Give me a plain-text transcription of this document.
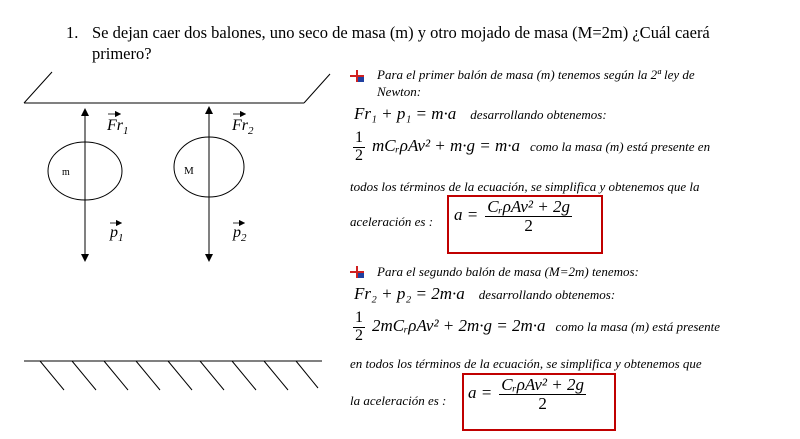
1. Se dejan caer dos balones, uno seco de masa (m) y otro mojado de masa (M=2m) ¿Cuál caerá
primero?
m	M
$Fr_1$	$Fr_2$
$p_1$	$p_2$
Para el primer balón de masa (m) tenemos según la 2ª ley de
Newton:
Fr₁ + p₁ = m·a desarrollando obtenemos:
$\frac{1}{2}$ mCᵣρAv² + m·g = m·a como la masa (m) está presente en
todos los términos de la ecuación, se simplifica y obtenemos que la
aceleración es : $a = \frac{\text{CᵣρAv² + 2g}}{2}$
Para el segundo balón de masa (M=2m) tenemos:
Fr₂ + p₂ = 2m·a desarrollando obtenemos:
$\frac{1}{2}$ 2mCᵣρAv² + 2m·g = 2m·a como la masa (m) está presente
en todos los términos de la ecuación, se simplifica y obtenemos que
la aceleración es : $a = \frac{\text{CᵣρAv² + 2g}}{2}$
